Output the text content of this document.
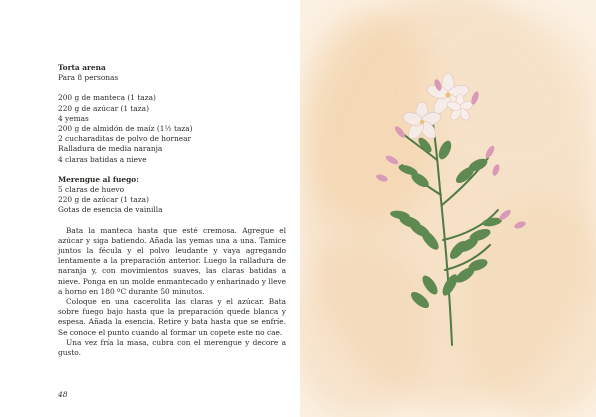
Torta arena

Para 8 personas

200 g de manteca (1 taza)

220 g de azúcar (1 taza)

4 yemas

200 g de almidón de maíz (1½ taza)

2 cucharaditas de polvo de hornear

Ralladura de media naranja

4 claras batidas a nieve

Merengue al fuego:

5 claras de huevo

220 g de azúcar (1 taza)

Gotas de esencia de vainilla

Bata la manteca hasta que esté cremosa. Agregue el azúcar y siga batiendo. Añada las yemas una a una. Tamice juntos la fécula y el polvo leudante y vaya agregando lentamente a la preparación anterior. Luego la ralladura de naranja y, con movimientos suaves, las claras batidas a nieve. Ponga en un molde enmantecado y enharinado y lleve a horno en 180 ºC durante 50 minutos.

Coloque en una cacerolita las claras y el azúcar. Bata sobre fuego bajo hasta que la preparación quede blanca y espesa. Añada la esencia. Retire y bata hasta que se enfríe. Se conoce el punto cuando al formar un copete este no cae.

Una vez fría la masa, cubra con el merengue y decore a gusto.

48
